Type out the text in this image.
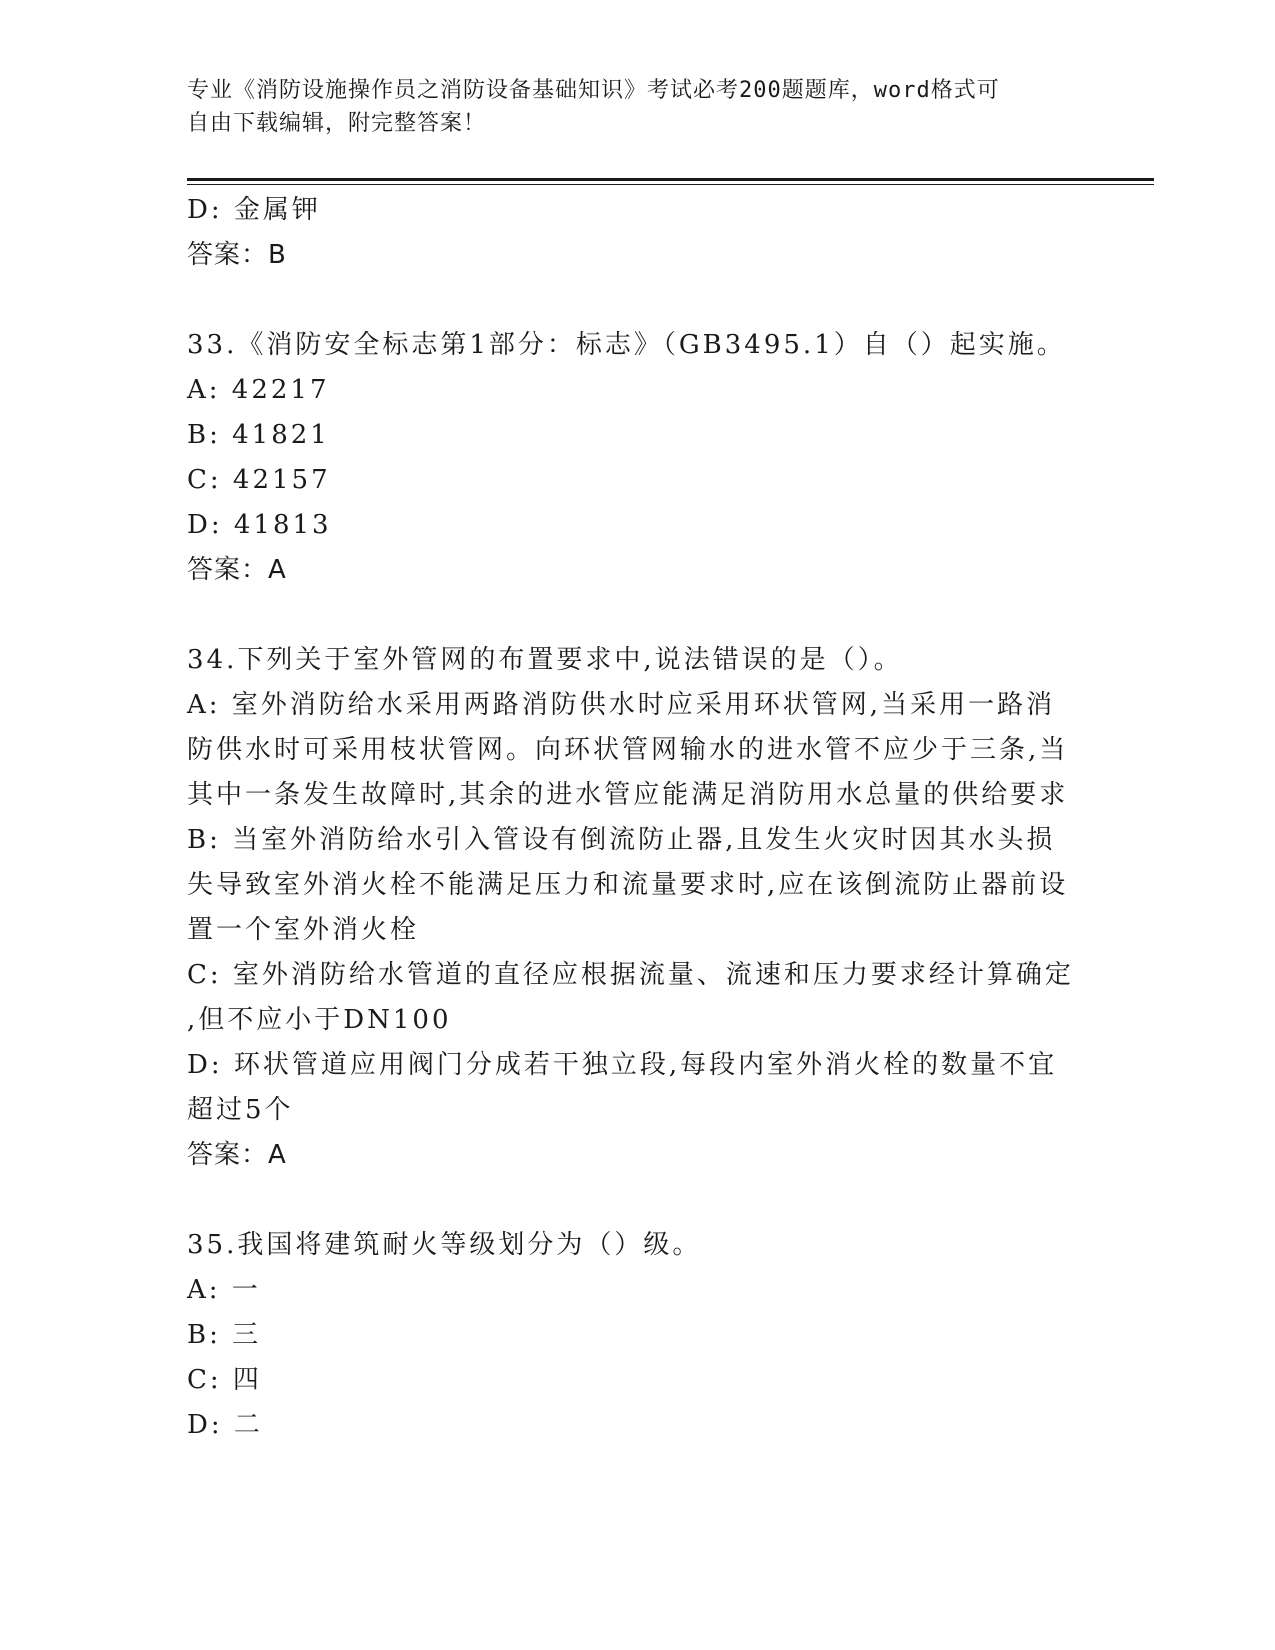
专业《消防设施操作员之消防设备基础知识》考试必考200题题库，word格式可
自由下载编辑，附完整答案！
D: 金属钾
答案：B
33.《消防安全标志第1部分：标志》（GB3495.1）自（）起实施。
A: 42217
B: 41821
C: 42157
D: 41813
答案：A
34.下列关于室外管网的布置要求中,说法错误的是（）。
A: 室外消防给水采用两路消防供水时应采用环状管网,当采用一路消
防供水时可采用枝状管网。向环状管网输水的进水管不应少于三条,当
其中一条发生故障时,其余的进水管应能满足消防用水总量的供给要求
B: 当室外消防给水引入管设有倒流防止器,且发生火灾时因其水头损
失导致室外消火栓不能满足压力和流量要求时,应在该倒流防止器前设
置一个室外消火栓
C: 室外消防给水管道的直径应根据流量、流速和压力要求经计算确定
,但不应小于DN100
D: 环状管道应用阀门分成若干独立段,每段内室外消火栓的数量不宜
超过5个
答案：A
35.我国将建筑耐火等级划分为（）级。
A: 一
B: 三
C: 四
D: 二
